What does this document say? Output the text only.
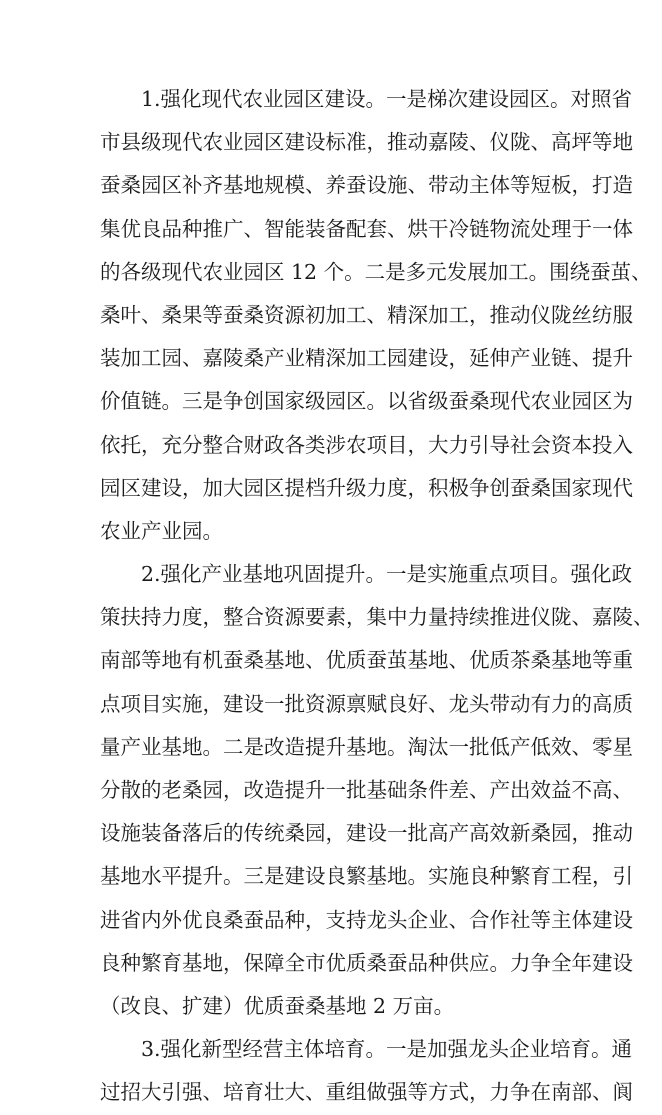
1.强化现代农业园区建设。一是梯次建设园区。对照省
市县级现代农业园区建设标准，推动嘉陵、仪陇、高坪等地
蚕桑园区补齐基地规模、养蚕设施、带动主体等短板，打造
集优良品种推广、智能装备配套、烘干冷链物流处理于一体
的各级现代农业园区 12 个。二是多元发展加工。围绕蚕茧、
桑叶、桑果等蚕桑资源初加工、精深加工，推动仪陇丝纺服
装加工园、嘉陵桑产业精深加工园建设，延伸产业链、提升
价值链。三是争创国家级园区。以省级蚕桑现代农业园区为
依托，充分整合财政各类涉农项目，大力引导社会资本投入
园区建设，加大园区提档升级力度，积极争创蚕桑国家现代
农业产业园。
2.强化产业基地巩固提升。一是实施重点项目。强化政
策扶持力度，整合资源要素，集中力量持续推进仪陇、嘉陵、
南部等地有机蚕桑基地、优质蚕茧基地、优质茶桑基地等重
点项目实施，建设一批资源禀赋良好、龙头带动有力的高质
量产业基地。二是改造提升基地。淘汰一批低产低效、零星
分散的老桑园，改造提升一批基础条件差、产出效益不高、
设施装备落后的传统桑园，建设一批高产高效新桑园，推动
基地水平提升。三是建设良繁基地。实施良种繁育工程，引
进省内外优良桑蚕品种，支持龙头企业、合作社等主体建设
良种繁育基地，保障全市优质桑蚕品种供应。力争全年建设
（改良、扩建）优质蚕桑基地 2 万亩。
3.强化新型经营主体培育。一是加强龙头企业培育。通
过招大引强、培育壮大、重组做强等方式，力争在南部、阆
